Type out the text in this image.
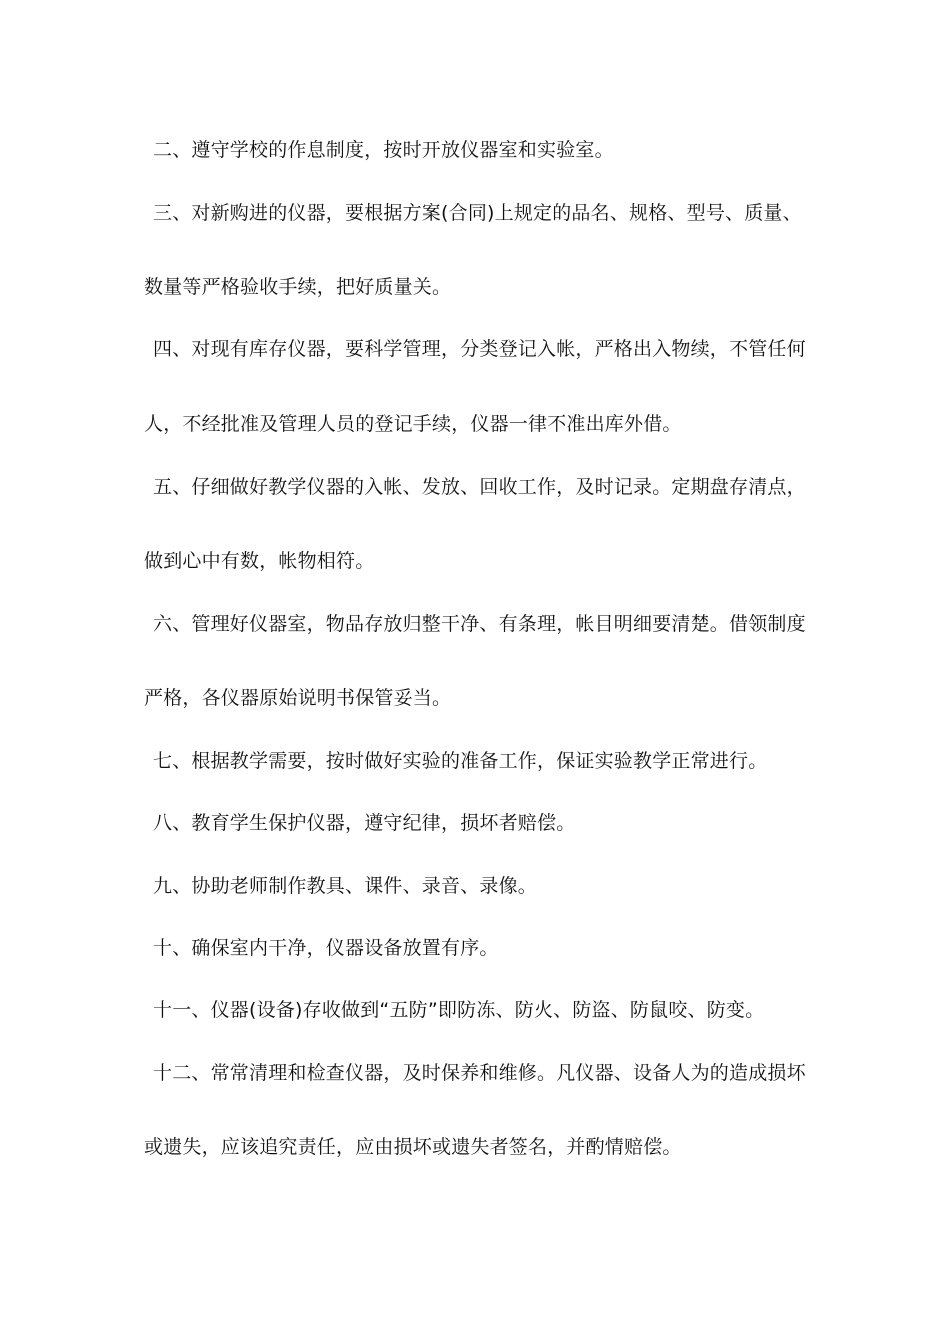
二、遵守学校的作息制度，按时开放仪器室和实验室。
三、对新购进的仪器，要根据方案(合同)上规定的品名、规格、型号、质量、
数量等严格验收手续，把好质量关。
四、对现有库存仪器，要科学管理，分类登记入帐，严格出入物续，不管任何
人，不经批准及管理人员的登记手续，仪器一律不准出库外借。
五、仔细做好教学仪器的入帐、发放、回收工作，及时记录。定期盘存清点，
做到心中有数，帐物相符。
六、管理好仪器室，物品存放归整干净、有条理，帐目明细要清楚。借领制度
严格，各仪器原始说明书保管妥当。
七、根据教学需要，按时做好实验的准备工作，保证实验教学正常进行。
八、教育学生保护仪器，遵守纪律，损坏者赔偿。
九、协助老师制作教具、课件、录音、录像。
十、确保室内干净，仪器设备放置有序。
十一、仪器(设备)存收做到“五防”即防冻、防火、防盗、防鼠咬、防变。
十二、常常清理和检查仪器，及时保养和维修。凡仪器、设备人为的造成损坏
或遗失，应该追究责任，应由损坏或遗失者签名，并酌情赔偿。
